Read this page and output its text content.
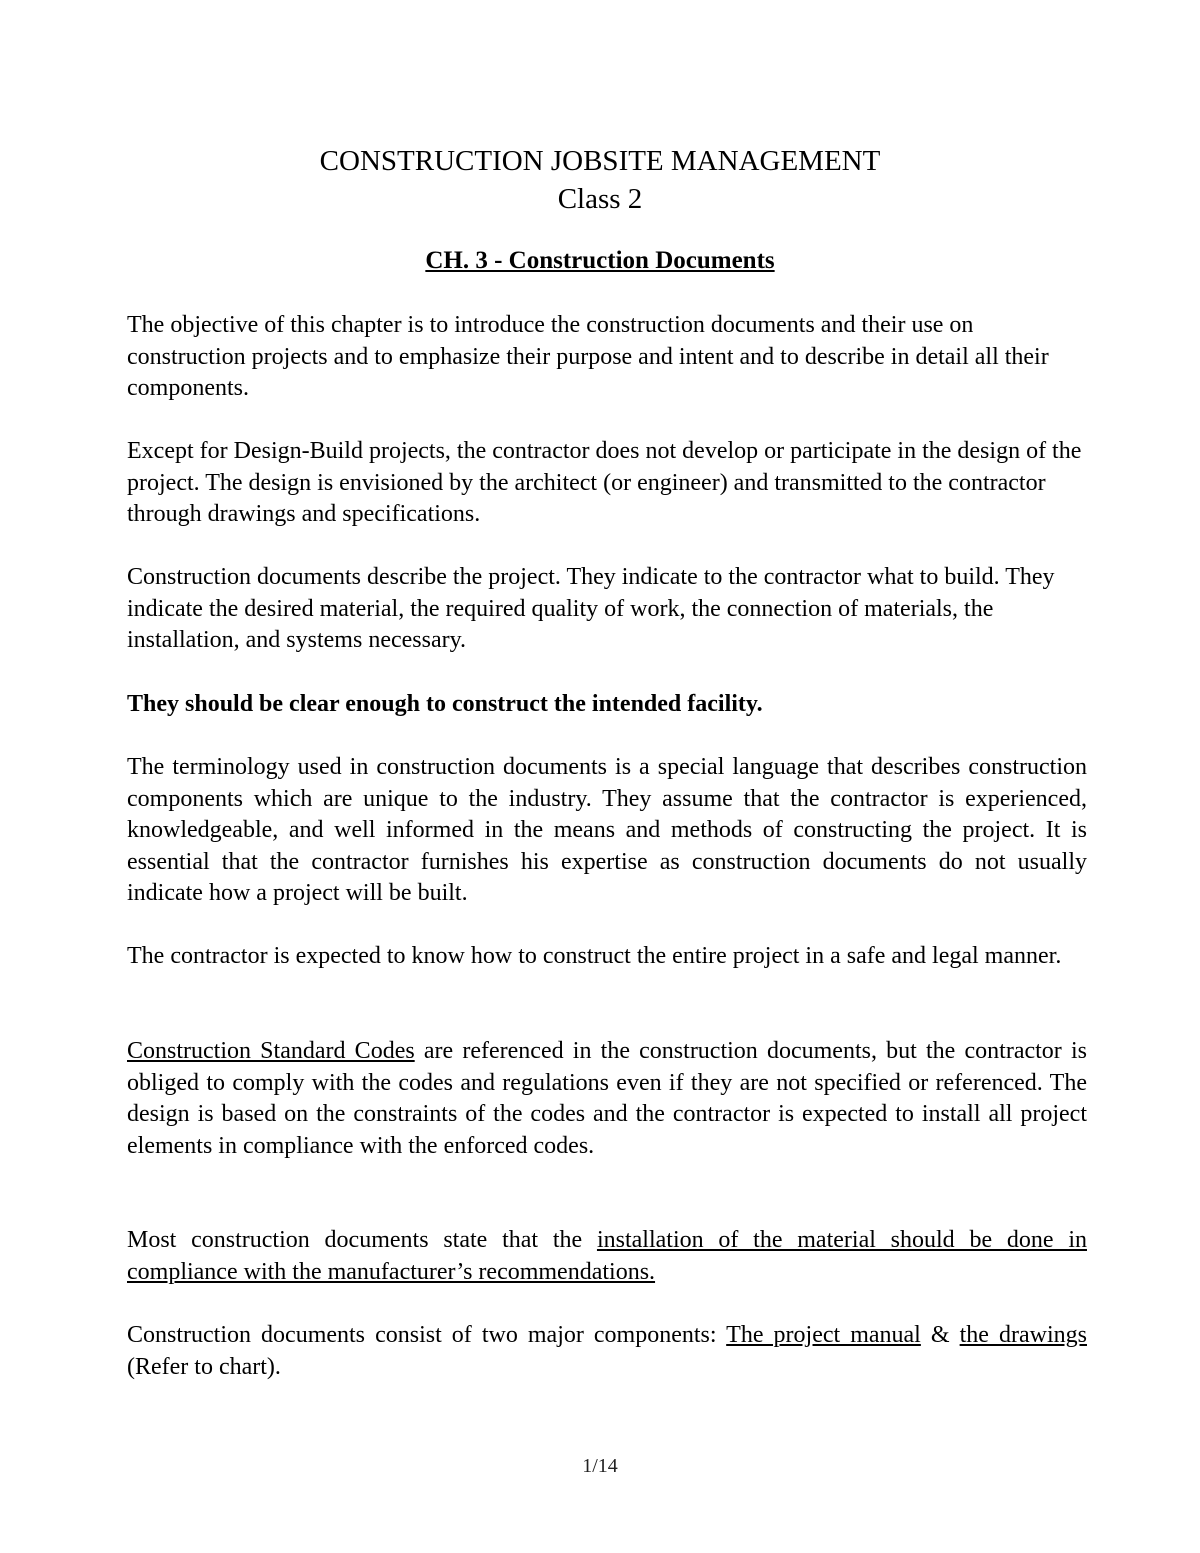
CONSTRUCTION JOBSITE MANAGEMENT
Class 2
CH. 3 - Construction Documents

The objective of this chapter is to introduce the construction documents and their use on construction projects and to emphasize their purpose and intent and to describe in detail all their components.

Except for Design-Build projects, the contractor does not develop or participate in the design of the project. The design is envisioned by the architect (or engineer) and transmitted to the contractor through drawings and specifications.

Construction documents describe the project. They indicate to the contractor what to build. They indicate the desired material, the required quality of work, the connection of materials, the installation, and systems necessary.

They should be clear enough to construct the intended facility.

The terminology used in construction documents is a special language that describes construction components which are unique to the industry. They assume that the contractor is experienced, knowledgeable, and well informed in the means and methods of constructing the project. It is essential that the contractor furnishes his expertise as construction documents do not usually indicate how a project will be built.

The contractor is expected to know how to construct the entire project in a safe and legal manner.

Construction Standard Codes are referenced in the construction documents, but the contractor is obliged to comply with the codes and regulations even if they are not specified or referenced. The design is based on the constraints of the codes and the contractor is expected to install all project elements in compliance with the enforced codes.

Most construction documents state that the installation of the material should be done in compliance with the manufacturer’s recommendations.

Construction documents consist of two major components: The project manual & the drawings (Refer to chart).

1/14
